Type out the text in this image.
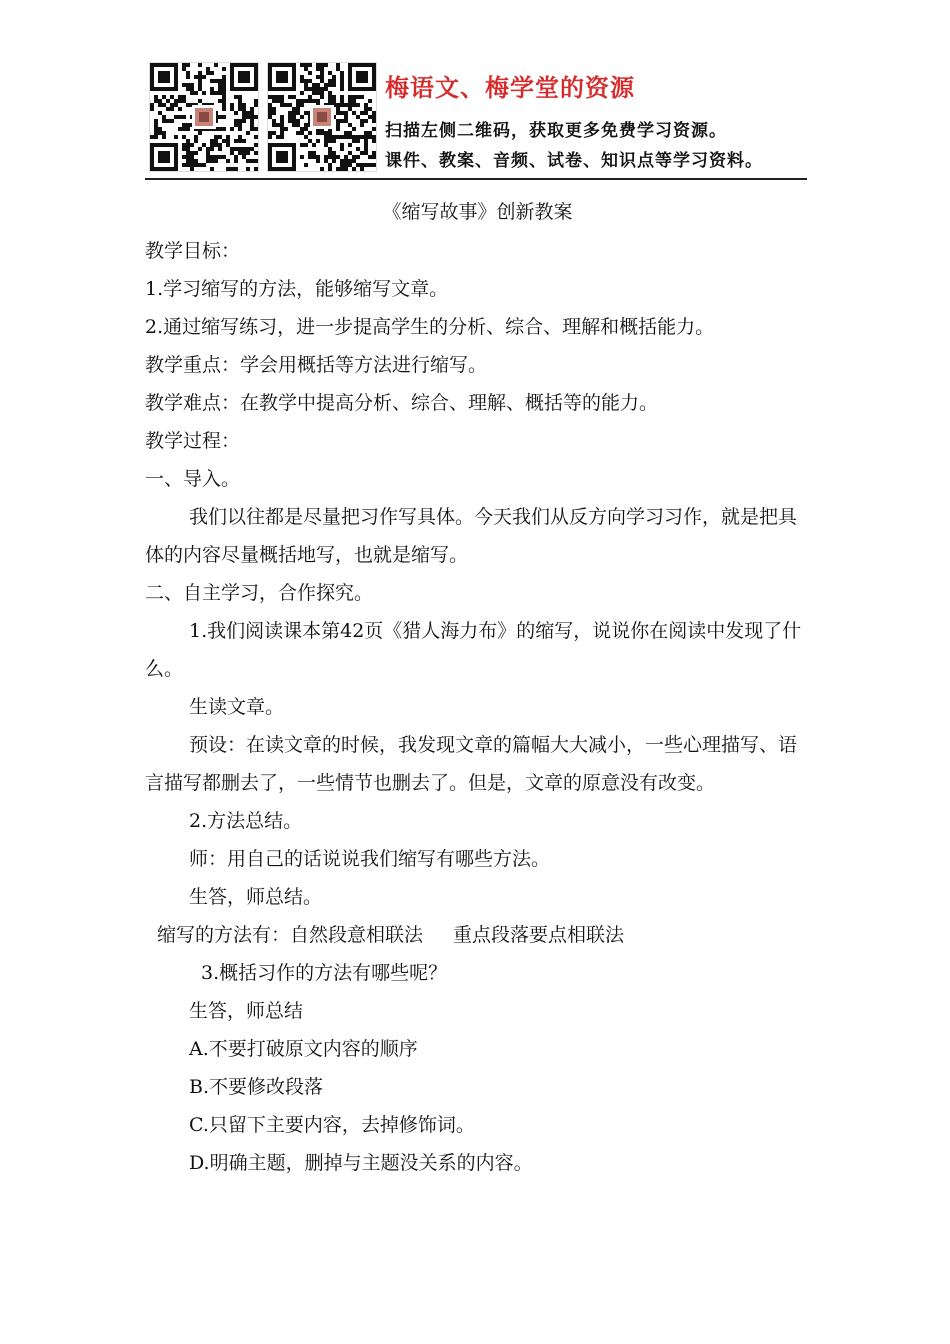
梅语文、梅学堂的资源
扫描左侧二维码，获取更多免费学习资源。
课件、教案、音频、试卷、知识点等学习资料。
《缩写故事》创新教案
教学目标：
1.学习缩写的方法，能够缩写文章。
2.通过缩写练习，进一步提高学生的分析、综合、理解和概括能力。
教学重点：学会用概括等方法进行缩写。
教学难点：在教学中提高分析、综合、理解、概括等的能力。
教学过程：
一、导入。
我们以往都是尽量把习作写具体。今天我们从反方向学习习作，就是把具体的内容尽量概括地写，也就是缩写。
二、自主学习，合作探究。
1.我们阅读课本第42页《猎人海力布》的缩写，说说你在阅读中发现了什么。
生读文章。
预设：在读文章的时候，我发现文章的篇幅大大减小，一些心理描写、语言描写都删去了，一些情节也删去了。但是，文章的原意没有改变。
2.方法总结。
师：用自己的话说说我们缩写有哪些方法。
生答，师总结。
缩写的方法有：自然段意相联法 重点段落要点相联法
3.概括习作的方法有哪些呢？
生答，师总结
A.不要打破原文内容的顺序
B.不要修改段落
C.只留下主要内容，去掉修饰词。
D.明确主题，删掉与主题没关系的内容。
